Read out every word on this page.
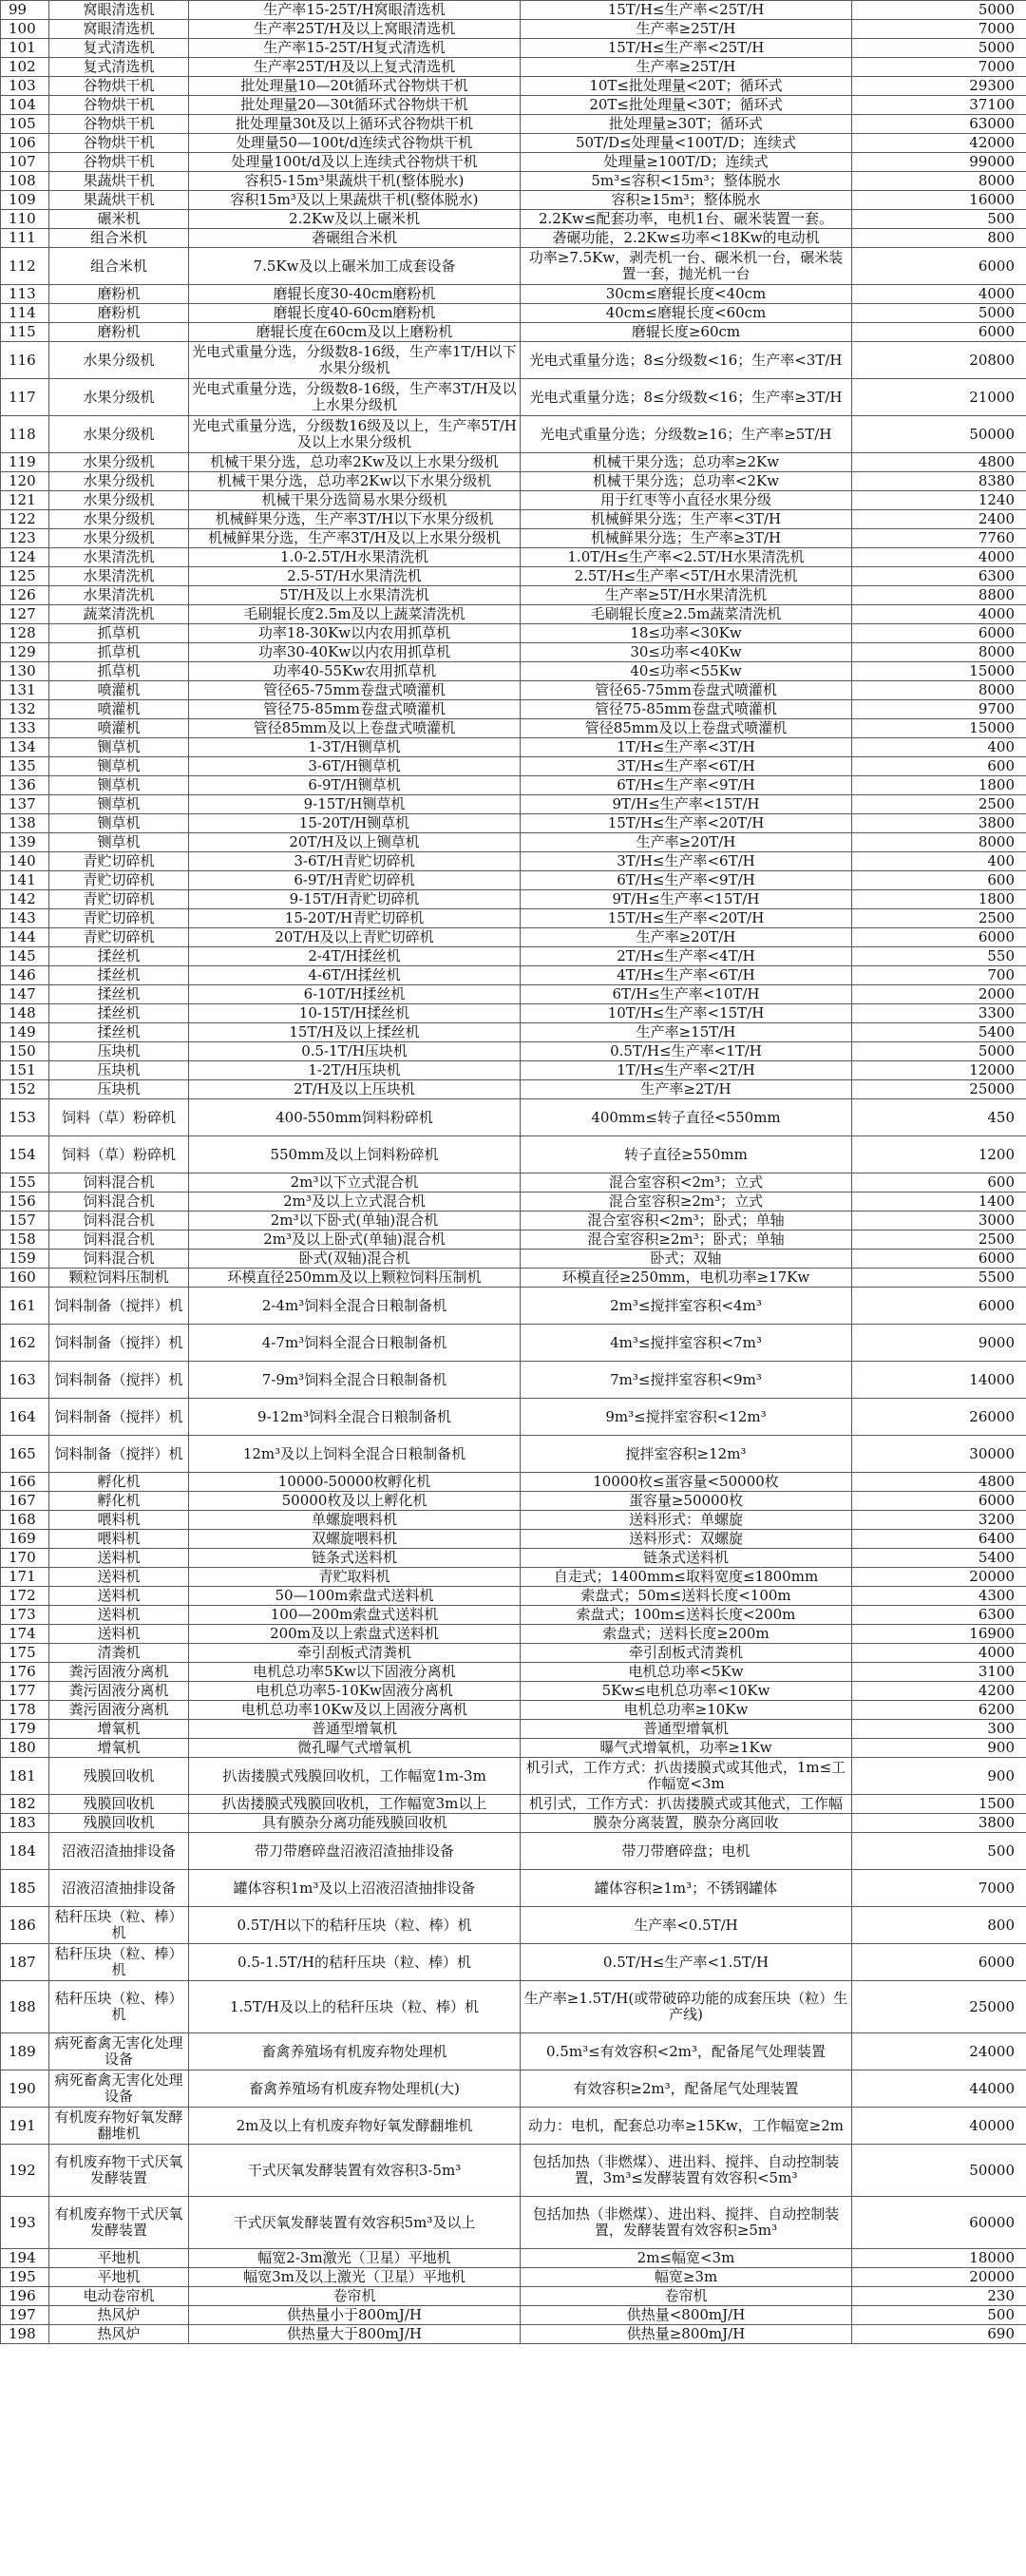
99	窝眼清选机	生产率15-25T/H窝眼清选机	15T/H≤生产率<25T/H	5000
100	窝眼清选机	生产率25T/H及以上窝眼清选机	生产率≥25T/H	7000
101	复式清选机	生产率15-25T/H复式清选机	15T/H≤生产率<25T/H	5000
102	复式清选机	生产率25T/H及以上复式清选机	生产率≥25T/H	7000
103	谷物烘干机	批处理量10—20t循环式谷物烘干机	10T≤批处理量<20T；循环式	29300
104	谷物烘干机	批处理量20—30t循环式谷物烘干机	20T≤批处理量<30T；循环式	37100
105	谷物烘干机	批处理量30t及以上循环式谷物烘干机	批处理量≥30T；循环式	63000
106	谷物烘干机	处理量50—100t/d连续式谷物烘干机	50T/D≤处理量<100T/D；连续式	42000
107	谷物烘干机	处理量100t/d及以上连续式谷物烘干机	处理量≥100T/D；连续式	99000
108	果蔬烘干机	容积5-15m³果蔬烘干机(整体脱水)	5m³≤容积<15m³；整体脱水	8000
109	果蔬烘干机	容积15m³及以上果蔬烘干机(整体脱水)	容积≥15m³；整体脱水	16000
110	碾米机	2.2Kw及以上碾米机	2.2Kw≤配套功率，电机1台、碾米装置一套。	500
111	组合米机	砻碾组合米机	砻碾功能，2.2Kw≤功率<18Kw的电动机	800
112	组合米机	7.5Kw及以上碾米加工成套设备	功率≥7.5Kw，剥壳机一台、碾米机一台，碾米装置一套，抛光机一台	6000
113	磨粉机	磨辊长度30-40cm磨粉机	30cm≤磨辊长度<40cm	4000
114	磨粉机	磨辊长度40-60cm磨粉机	40cm≤磨辊长度<60cm	5000
115	磨粉机	磨辊长度在60cm及以上磨粉机	磨辊长度≥60cm	6000
116	水果分级机	光电式重量分选，分级数8-16级，生产率1T/H以下水果分级机	光电式重量分选；8≤分级数<16；生产率<3T/H	20800
117	水果分级机	光电式重量分选，分级数8-16级，生产率3T/H及以上水果分级机	光电式重量分选；8≤分级数<16；生产率≥3T/H	21000
118	水果分级机	光电式重量分选，分级数16级及以上，生产率5T/H及以上水果分级机	光电式重量分选；分级数≥16；生产率≥5T/H	50000
119	水果分级机	机械干果分选，总功率2Kw及以上水果分级机	机械干果分选；总功率≥2Kw	4800
120	水果分级机	机械干果分选，总功率2Kw以下水果分级机	机械干果分选；总功率<2Kw	8380
121	水果分级机	机械干果分选简易水果分级机	用于红枣等小直径水果分级	1240
122	水果分级机	机械鲜果分选，生产率3T/H以下水果分级机	机械鲜果分选；生产率<3T/H	2400
123	水果分级机	机械鲜果分选，生产率3T/H及以上水果分级机	机械鲜果分选；生产率≥3T/H	7760
124	水果清洗机	1.0-2.5T/H水果清洗机	1.0T/H≤生产率<2.5T/H水果清洗机	4000
125	水果清洗机	2.5-5T/H水果清洗机	2.5T/H≤生产率<5T/H水果清洗机	6300
126	水果清洗机	5T/H及以上水果清洗机	生产率≥5T/H水果清洗机	8800
127	蔬菜清洗机	毛刷辊长度2.5m及以上蔬菜清洗机	毛刷辊长度≥2.5m蔬菜清洗机	4000
128	抓草机	功率18-30Kw以内农用抓草机	18≤功率<30Kw	6000
129	抓草机	功率30-40Kw以内农用抓草机	30≤功率<40Kw	8000
130	抓草机	功率40-55Kw农用抓草机	40≤功率<55Kw	15000
131	喷灌机	管径65-75mm卷盘式喷灌机	管径65-75mm卷盘式喷灌机	8000
132	喷灌机	管径75-85mm卷盘式喷灌机	管径75-85mm卷盘式喷灌机	9700
133	喷灌机	管径85mm及以上卷盘式喷灌机	管径85mm及以上卷盘式喷灌机	15000
134	铡草机	1-3T/H铡草机	1T/H≤生产率<3T/H	400
135	铡草机	3-6T/H铡草机	3T/H≤生产率<6T/H	600
136	铡草机	6-9T/H铡草机	6T/H≤生产率<9T/H	1800
137	铡草机	9-15T/H铡草机	9T/H≤生产率<15T/H	2500
138	铡草机	15-20T/H铡草机	15T/H≤生产率<20T/H	3800
139	铡草机	20T/H及以上铡草机	生产率≥20T/H	8000
140	青贮切碎机	3-6T/H青贮切碎机	3T/H≤生产率<6T/H	400
141	青贮切碎机	6-9T/H青贮切碎机	6T/H≤生产率<9T/H	600
142	青贮切碎机	9-15T/H青贮切碎机	9T/H≤生产率<15T/H	1800
143	青贮切碎机	15-20T/H青贮切碎机	15T/H≤生产率<20T/H	2500
144	青贮切碎机	20T/H及以上青贮切碎机	生产率≥20T/H	6000
145	揉丝机	2-4T/H揉丝机	2T/H≤生产率<4T/H	550
146	揉丝机	4-6T/H揉丝机	4T/H≤生产率<6T/H	700
147	揉丝机	6-10T/H揉丝机	6T/H≤生产率<10T/H	2000
148	揉丝机	10-15T/H揉丝机	10T/H≤生产率<15T/H	3300
149	揉丝机	15T/H及以上揉丝机	生产率≥15T/H	5400
150	压块机	0.5-1T/H压块机	0.5T/H≤生产率<1T/H	5000
151	压块机	1-2T/H压块机	1T/H≤生产率<2T/H	12000
152	压块机	2T/H及以上压块机	生产率≥2T/H	25000
153	饲料（草）粉碎机	400-550mm饲料粉碎机	400mm≤转子直径<550mm	450
154	饲料（草）粉碎机	550mm及以上饲料粉碎机	转子直径≥550mm	1200
155	饲料混合机	2m³以下立式混合机	混合室容积<2m³；立式	600
156	饲料混合机	2m³及以上立式混合机	混合室容积≥2m³；立式	1400
157	饲料混合机	2m³以下卧式(单轴)混合机	混合室容积<2m³；卧式；单轴	3000
158	饲料混合机	2m³及以上卧式(单轴)混合机	混合室容积≥2m³；卧式；单轴	2500
159	饲料混合机	卧式(双轴)混合机	卧式；双轴	6000
160	颗粒饲料压制机	环模直径250mm及以上颗粒饲料压制机	环模直径≥250mm，电机功率≥17Kw	5500
161	饲料制备（搅拌）机	2-4m³饲料全混合日粮制备机	2m³≤搅拌室容积<4m³	6000
162	饲料制备（搅拌）机	4-7m³饲料全混合日粮制备机	4m³≤搅拌室容积<7m³	9000
163	饲料制备（搅拌）机	7-9m³饲料全混合日粮制备机	7m³≤搅拌室容积<9m³	14000
164	饲料制备（搅拌）机	9-12m³饲料全混合日粮制备机	9m³≤搅拌室容积<12m³	26000
165	饲料制备（搅拌）机	12m³及以上饲料全混合日粮制备机	搅拌室容积≥12m³	30000
166	孵化机	10000-50000枚孵化机	10000枚≤蛋容量<50000枚	4800
167	孵化机	50000枚及以上孵化机	蛋容量≥50000枚	6000
168	喂料机	单螺旋喂料机	送料形式：单螺旋	3200
169	喂料机	双螺旋喂料机	送料形式：双螺旋	6400
170	送料机	链条式送料机	链条式送料机	5400
171	送料机	青贮取料机	自走式；1400mm≤取料宽度≤1800mm	20000
172	送料机	50—100m索盘式送料机	索盘式；50m≤送料长度<100m	4300
173	送料机	100—200m索盘式送料机	索盘式；100m≤送料长度<200m	6300
174	送料机	200m及以上索盘式送料机	索盘式；送料长度≥200m	16900
175	清粪机	牵引刮板式清粪机	牵引刮板式清粪机	4000
176	粪污固液分离机	电机总功率5Kw以下固液分离机	电机总功率<5Kw	3100
177	粪污固液分离机	电机总功率5-10Kw固液分离机	5Kw≤电机总功率<10Kw	4200
178	粪污固液分离机	电机总功率10Kw及以上固液分离机	电机总功率≥10Kw	6200
179	增氧机	普通型增氧机	普通型增氧机	300
180	增氧机	微孔曝气式增氧机	曝气式增氧机，功率≥1Kw	900
181	残膜回收机	扒齿搂膜式残膜回收机，工作幅宽1m-3m	机引式，工作方式：扒齿搂膜式或其他式，1m≤工作幅宽<3m	900
182	残膜回收机	扒齿搂膜式残膜回收机，工作幅宽3m以上	机引式，工作方式：扒齿搂膜式或其他式，工作幅	1500
183	残膜回收机	具有膜杂分离功能残膜回收机	膜杂分离装置，膜杂分离回收	3800
184	沼液沼渣抽排设备	带刀带磨碎盘沼液沼渣抽排设备	带刀带磨碎盘；电机	500
185	沼液沼渣抽排设备	罐体容积1m³及以上沼液沼渣抽排设备	罐体容积≥1m³；不锈钢罐体	7000
186	秸秆压块（粒、棒）机	0.5T/H以下的秸秆压块（粒、棒）机	生产率<0.5T/H	800
187	秸秆压块（粒、棒）机	0.5-1.5T/H的秸秆压块（粒、棒）机	0.5T/H≤生产率<1.5T/H	6000
188	秸秆压块（粒、棒）机	1.5T/H及以上的秸秆压块（粒、棒）机	生产率≥1.5T/H(或带破碎功能的成套压块（粒）生产线)	25000
189	病死畜禽无害化处理设备	畜禽养殖场有机废弃物处理机	0.5m³≤有效容积<2m³，配备尾气处理装置	24000
190	病死畜禽无害化处理设备	畜禽养殖场有机废弃物处理机(大)	有效容积≥2m³，配备尾气处理装置	44000
191	有机废弃物好氧发酵翻堆机	2m及以上有机废弃物好氧发酵翻堆机	动力：电机，配套总功率≥15Kw，工作幅宽≥2m	40000
192	有机废弃物干式厌氧发酵装置	干式厌氧发酵装置有效容积3-5m³	包括加热（非燃煤）、进出料、搅拌、自动控制装置，3m³≤发酵装置有效容积<5m³	50000
193	有机废弃物干式厌氧发酵装置	干式厌氧发酵装置有效容积5m³及以上	包括加热（非燃煤）、进出料、搅拌、自动控制装置，发酵装置有效容积≥5m³	60000
194	平地机	幅宽2-3m激光（卫星）平地机	2m≤幅宽<3m	18000
195	平地机	幅宽3m及以上激光（卫星）平地机	幅宽≥3m	20000
196	电动卷帘机	卷帘机	卷帘机	230
197	热风炉	供热量小于800mJ/H	供热量<800mJ/H	500
198	热风炉	供热量大于800mJ/H	供热量≥800mJ/H	690
